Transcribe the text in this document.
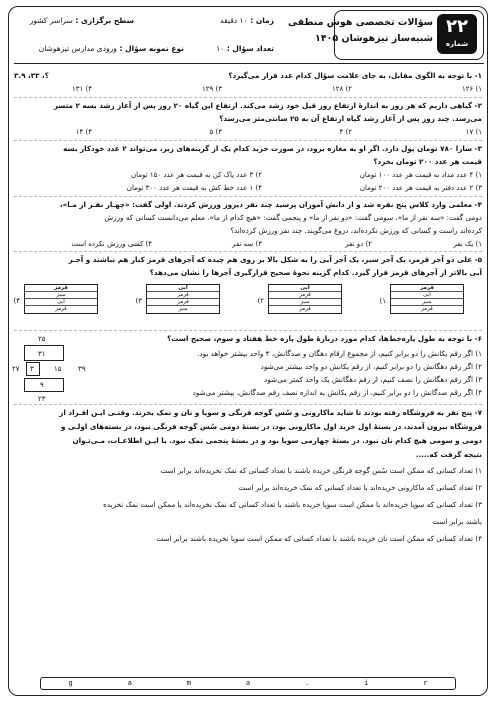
۲۲
شماره
سؤالات تخصصی هوش منطقی
شبیه‌ساز تیزهوشان ۱۴۰۵
زمان : ۱۰ دقیقه
سطح برگزاری : سراسر کشور
تعداد سؤال : ۱۰
نوع نمونه سؤال : ورودی مدارس تیزهوشان
۱- با توجه به الگوی مقابل، به جای علامت سؤال کدام عدد قرار می‌گیرد؟
؟، ۳۳، ۳.۹
۱) ۱۲۶
۲) ۱۲۸
۳) ۱۲۹
۴) ۱۳۱
۲- گیاهی داریم که هر روز به اندازهٔ ارتفاع روز قبل خود رشد می‌کند. ارتفاع این گیاه ۲۰ روز پس از آغاز رشد بسه ۲ متسر
می‌رسد. چند روز پس از آغاز رشد گیاه ارتفاع آن به ۲۵ سانتی‌متر می‌رسد؟
۱) ۱۷
۲) ۴
۳) ۵
۴) ۱۴
۳- سارا ۷۸۰ تومان پول دارد. اگر او به مغازه برود، در صورت خرید کدام یک از گزینه‌های زیر، می‌تواند ۲ عدد خودکار بسه
قیمت هر عدد ۲۰۰ تومان بخرد؟
۱) ۴ عدد مداد به قیمت هر عدد ۱۰۰ تومان
۲) ۳ عدد پاک کن به قیمت هر عدد ۱۵۰ تومان
۳) ۲ عدد دفتر به قیمت هر عدد ۲۰۰ تومان
۴) ۱ عدد خط کش به قیمت هر عدد ۳۰۰ تومان
۴- معلمی وارد کلاس پنج نفره شد و از دانش آموزان پرسید چند نفر دیروز ورزش کردند. اولی گفت: «چهـار نفـر از مـا»،
دومی گفت: «سه نفر از ما»، سومی گفت: «دو نفر از ما» و پنجمی گفت: «هیچ کدام از ما». معلم می‌دانست کسانی که ورزش
کرده‌اند راست و کسانی که ورزش نکرده‌اند، دروغ می‌گویند. چند نفر ورزش کرده‌اند؟
۱) یک نفر
۲) دو نفر
۳) سه نفر
۴) کسی ورزش نکرده است
۵- علی دو آجر قرمز، یک آجر سبز، یک آجر آبی را به شکل بالا بر روی هم چیده که آجرهای قرمز کنار هم نباشند و آجـر
آبی بالاتر از آجرهای قرمز قرار گیرد. کدام گزینه نحوهٔ صحیح قرارگیری آجرها را نشان می‌دهد؟
۱)
قرمز
آبی
سبز
قرمز
۲)
آبی
قرمز
سبز
قرمز
۳)
آبی
قرمز
قرمز
سبز
۴)
قرمز
سبز
آبی
قرمز
۶- با توجه به طول پاره‌خط‌ها، کدام مورد دربارهٔ طول پاره خط هفتاد و سوم، صحیح است؟
۱) اگر رقم یکانش را دو برابر کنیم، از مجموع ارقام دهگان و صدگانش، ۴ واحد بیشتر خواهد بود.
۲) اگر رقم دهگانش را دو برابر کنیم، از رقم یکانش دو واحد بیشتر می‌شود
۳) اگر رقم دهگانش را نصف کنیم، از رقم دهگانش یک واحد کمتر می‌شود
۴) اگر رقم صدگانش را دو برابر کنیم، از رقم یکانش به اندازه نصف رقم صدگانش، بیشتر می‌شود
۲۵
۳۱
۲۷ ۳	۱۵ ۳۹
۹
۲۳
۷- پنج نفر به فروشگاه رفته بودند تا شاید ماکارونی و سُس گوجه فرنگی و سویا و نان و نمک بخرند. وقتـی ایـن افـراد از
فروشگاه بیرون آمدند، در بستهٔ اول خرید اول ماکارونی بود، در بستهٔ دومی سُس گوجه فرنگی نبود، در بسته‌های اولـی و
دومی و سومی هیچ کدام نان نبود. در بستهٔ چهارمی سویا بود و در بستهٔ پنجمی نمک نبود. با ایـن اطلاعـات، مـی‌تـوان
نتیجه گرفت که.....
۱) تعداد کسانی که ممکن است سُس گوجه فرنگی خریده باشند با تعداد کسانی که نمک نخریده‌اند برابر است
۲) تعداد کسانی که ماکارونی خریده‌اند با تعداد کسانی که نمک خریده‌اند برابر است
۳) تعداد کسانی که سویا خریده‌اند با ممکن است سویا خریده باشند با تعداد کسانی که نمک نخریده‌اند یا ممکن است نمک نخریده
باشند برابر است
۴) تعداد کسانی که ممکن است نان خریده باشند با تعداد کسانی که ممکن است سویا نخریده باشند برابر است
g	a	m	a	.	i	r
